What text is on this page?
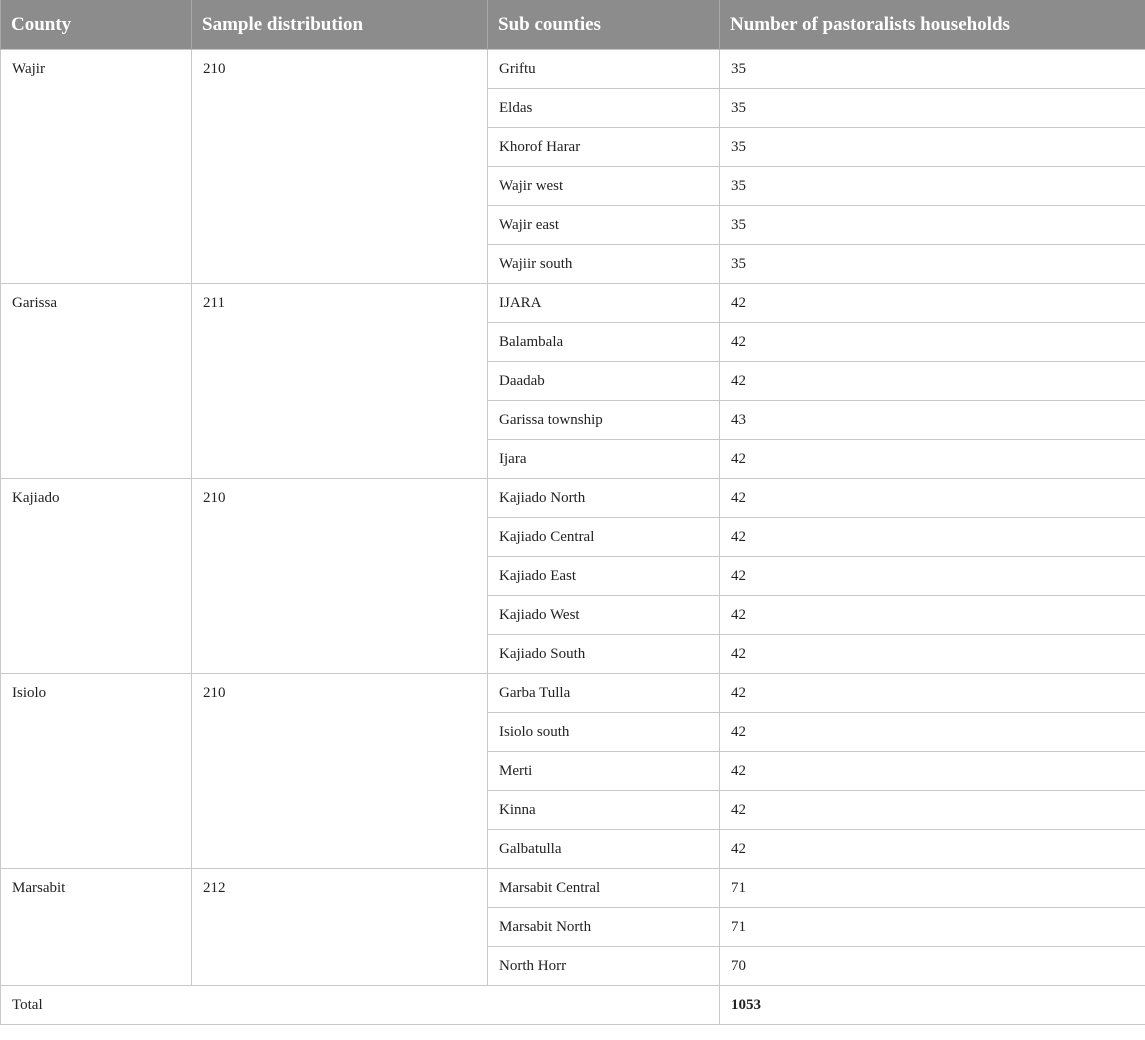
County	Sample distribution	Sub counties	Number of pastoralists households
Wajir	210	Griftu	35
		Eldas	35
		Khorof Harar	35
		Wajir west	35
		Wajir east	35
		Wajiir south	35
Garissa	211	IJARA	42
		Balambala	42
		Daadab	42
		Garissa township	43
		Ijara	42
Kajiado	210	Kajiado North	42
		Kajiado Central	42
		Kajiado East	42
		Kajiado West	42
		Kajiado South	42
Isiolo	210	Garba Tulla	42
		Isiolo south	42
		Merti	42
		Kinna	42
		Galbatulla	42
Marsabit	212	Marsabit Central	71
		Marsabit North	71
		North Horr	70
Total			1053
